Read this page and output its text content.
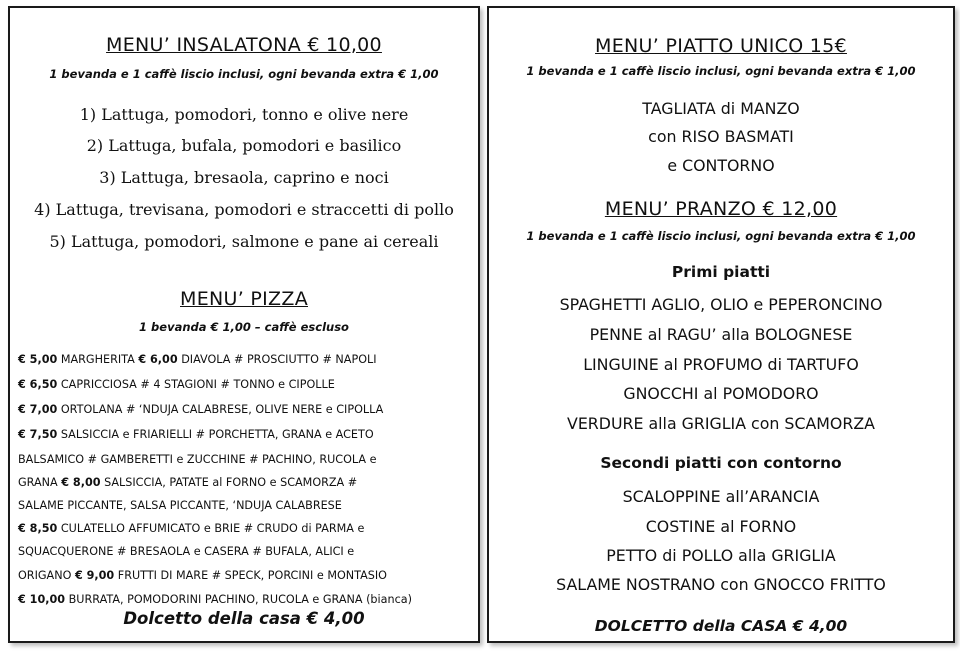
MENU’ INSALATONA € 10,00
1 bevanda e 1 caffè liscio inclusi, ogni bevanda extra € 1,00
1) Lattuga, pomodori, tonno e olive nere
2) Lattuga, bufala, pomodori e basilico
3) Lattuga, bresaola, caprino e noci
4) Lattuga, trevisana, pomodori e straccetti di pollo
5) Lattuga, pomodori, salmone e pane ai cereali
MENU’ PIZZA
1 bevanda € 1,00 – caffè escluso
€ 5,00 MARGHERITA € 6,00 DIAVOLA # PROSCIUTTO # NAPOLI
€ 6,50 CAPRICCIOSA # 4 STAGIONI # TONNO e CIPOLLE
€ 7,00 ORTOLANA # ‘NDUJA CALABRESE, OLIVE NERE e CIPOLLA
€ 7,50 SALSICCIA e FRIARIELLI # PORCHETTA, GRANA e ACETO
BALSAMICO # GAMBERETTI e ZUCCHINE # PACHINO, RUCOLA e
GRANA € 8,00 SALSICCIA, PATATE al FORNO e SCAMORZA #
SALAME PICCANTE, SALSA PICCANTE, ‘NDUJA CALABRESE
€ 8,50 CULATELLO AFFUMICATO e BRIE # CRUDO di PARMA e
SQUACQUERONE # BRESAOLA e CASERA # BUFALA, ALICI e
ORIGANO € 9,00 FRUTTI DI MARE # SPECK, PORCINI e MONTASIO
€ 10,00 BURRATA, POMODORINI PACHINO, RUCOLA e GRANA (bianca)
Dolcetto della casa € 4,00
MENU’ PIATTO UNICO 15€
1 bevanda e 1 caffè liscio inclusi, ogni bevanda extra € 1,00
TAGLIATA di MANZO
con RISO BASMATI
e CONTORNO
MENU’ PRANZO € 12,00
1 bevanda e 1 caffè liscio inclusi, ogni bevanda extra € 1,00
Primi piatti
SPAGHETTI AGLIO, OLIO e PEPERONCINO
PENNE al RAGU’ alla BOLOGNESE
LINGUINE al PROFUMO di TARTUFO
GNOCCHI al POMODORO
VERDURE alla GRIGLIA con SCAMORZA
Secondi piatti con contorno
SCALOPPINE all’ARANCIA
COSTINE al FORNO
PETTO di POLLO alla GRIGLIA
SALAME NOSTRANO con GNOCCO FRITTO
DOLCETTO della CASA € 4,00
